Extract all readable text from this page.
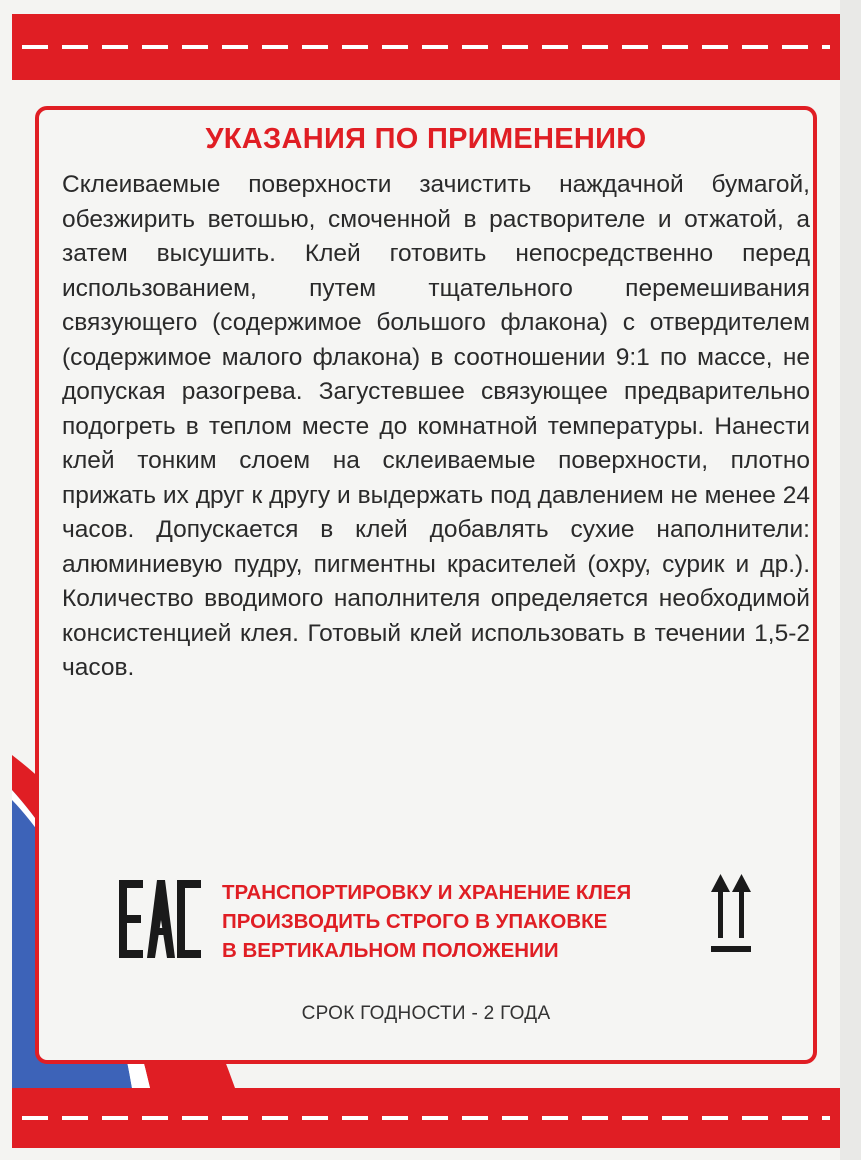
УКАЗАНИЯ ПО ПРИМЕНЕНИЮ
Склеиваемые поверхности зачистить наждачной бумагой, обезжирить ветошью, смоченной в растворителе и отжатой, а затем высушить. Клей готовить непосредственно перед использованием, путем тщательного перемешивания связующего (содержимое большого флакона) с отвердителем (содержимое малого флакона) в соотношении 9:1 по массе, не допуская разогрева. Загустевшее связующее предварительно подогреть в теплом месте до комнатной температуры. Нанести клей тонким слоем на склеиваемые поверхности, плотно прижать их друг к другу и выдержать под давлением не менее 24 часов. Допускается в клей добавлять сухие наполнители: алюминиевую пудру, пигментны красителей (охру, сурик и др.). Количество вводимого наполнителя определяется необходимой консистенцией клея. Готовый клей использовать в течении 1,5-2 часов.
ТРАНСПОРТИРОВКУ И ХРАНЕНИЕ КЛЕЯ
ПРОИЗВОДИТЬ СТРОГО В УПАКОВКЕ
В ВЕРТИКАЛЬНОМ ПОЛОЖЕНИИ
СРОК ГОДНОСТИ - 2 ГОДА
